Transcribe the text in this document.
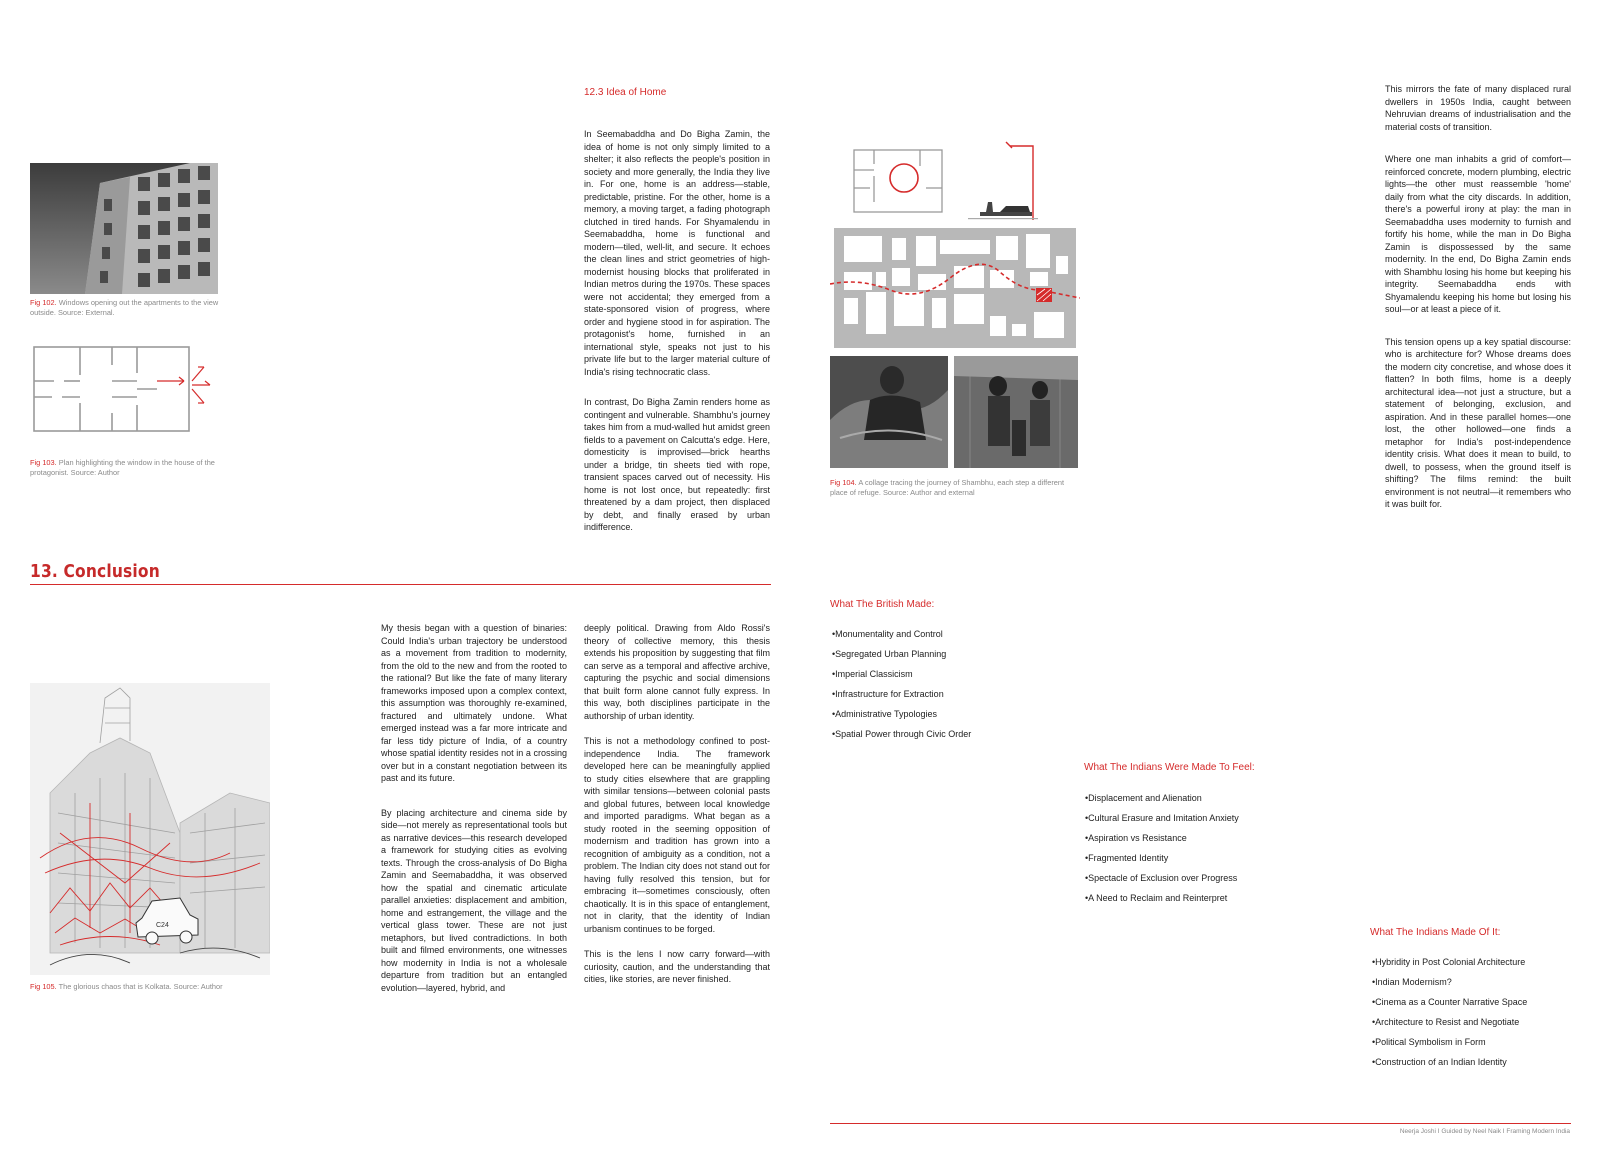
Fig 102. Windows opening out the apartments to the view outside. Source: External.
Fig 103. Plan highlighting the window in the house of the protagonist. Source: Author
12.3 Idea of Home

In Seemabaddha and Do Bigha Zamin, the idea of home is not only simply limited to a shelter; it also reflects the people's position in society and more generally, the India they live in. For one, home is an address—stable, predictable, pristine. For the other, home is a memory, a moving target, a fading photograph clutched in tired hands. For Shyamalendu in Seemabaddha, home is functional and modern—tiled, well-lit, and secure. It echoes the clean lines and strict geometries of high-modernist housing blocks that proliferated in Indian metros during the 1970s. These spaces were not accidental; they emerged from a state-sponsored vision of progress, where order and hygiene stood in for aspiration. The protagonist's home, furnished in an international style, speaks not just to his private life but to the larger material culture of India's rising technocratic class.

In contrast, Do Bigha Zamin renders home as contingent and vulnerable. Shambhu's journey takes him from a mud-walled hut amidst green fields to a pavement on Calcutta's edge. Here, domesticity is improvised—brick hearths under a bridge, tin sheets tied with rope, transient spaces carved out of necessity. His home is not lost once, but repeatedly: first threatened by a dam project, then displaced by debt, and finally erased by urban indifference.

13. Conclusion
C24
Fig 105. The glorious chaos that is Kolkata. Source: Author

My thesis began with a question of binaries: Could India's urban trajectory be understood as a movement from tradition to modernity, from the old to the new and from the rooted to the rational? But like the fate of many literary frameworks imposed upon a complex context, this assumption was thoroughly re-examined, fractured and ultimately undone. What emerged instead was a far more intricate and far less tidy picture of India, of a country whose spatial identity resides not in a crossing over but in a constant negotiation between its past and its future.

By placing architecture and cinema side by side—not merely as representational tools but as narrative devices—this research developed a framework for studying cities as evolving texts. Through the cross-analysis of Do Bigha Zamin and Seemabaddha, it was observed how the spatial and cinematic articulate parallel anxieties: displacement and ambition, home and estrangement, the village and the vertical glass tower. These are not just metaphors, but lived contradictions. In both built and filmed environments, one witnesses how modernity in India is not a wholesale departure from tradition but an entangled evolution—layered, hybrid, and

deeply political. Drawing from Aldo Rossi's theory of collective memory, this thesis extends his proposition by suggesting that film can serve as a temporal and affective archive, capturing the psychic and social dimensions that built form alone cannot fully express. In this way, both disciplines participate in the authorship of urban identity.

This is not a methodology confined to post-independence India. The framework developed here can be meaningfully applied to study cities elsewhere that are grappling with similar tensions—between colonial pasts and global futures, between local knowledge and imported paradigms. What began as a study rooted in the seeming opposition of modernism and tradition has grown into a recognition of ambiguity as a condition, not a problem. The Indian city does not stand out for having fully resolved this tension, but for embracing it—sometimes consciously, often chaotically. It is in this space of entanglement, not in clarity, that the identity of Indian urbanism continues to be forged.

This is the lens I now carry forward—with curiosity, caution, and the understanding that cities, like stories, are never finished.

Fig 104. A collage tracing the journey of Shambhu, each step a different place of refuge. Source: Author and external

This mirrors the fate of many displaced rural dwellers in 1950s India, caught between Nehruvian dreams of industrialisation and the material costs of transition.

Where one man inhabits a grid of comfort—reinforced concrete, modern plumbing, electric lights—the other must reassemble 'home' daily from what the city discards. In addition, there's a powerful irony at play: the man in Seemabaddha uses modernity to furnish and fortify his home, while the man in Do Bigha Zamin is dispossessed by the same modernity. In the end, Do Bigha Zamin ends with Shambhu losing his home but keeping his integrity. Seemabaddha ends with Shyamalendu keeping his home but losing his soul—or at least a piece of it.

This tension opens up a key spatial discourse: who is architecture for? Whose dreams does the modern city concretise, and whose does it flatten? In both films, home is a deeply architectural idea—not just a structure, but a statement of belonging, exclusion, and aspiration. And in these parallel homes—one lost, the other hollowed—one finds a metaphor for India's post-independence identity crisis. What does it mean to build, to dwell, to possess, when the ground itself is shifting? The films remind: the built environment is not neutral—it remembers who it was built for.

What The British Made:
• Monumentality and Control
• Segregated Urban Planning
• Imperial Classicism
• Infrastructure for Extraction
• Administrative Typologies
• Spatial Power through Civic Order
What The Indians Were Made To Feel:
• Displacement and Alienation
• Cultural Erasure and Imitation Anxiety
• Aspiration vs Resistance
• Fragmented Identity
• Spectacle of Exclusion over Progress
• A Need to Reclaim and Reinterpret
What The Indians Made Of It:
• Hybridity in Post Colonial Architecture
• Indian Modernism?
• Cinema as a Counter Narrative Space
• Architecture to Resist and Negotiate
• Political Symbolism in Form
• Construction of an Indian Identity
Neerja Joshi I Guided by Neel Naik I Framing Modern India
